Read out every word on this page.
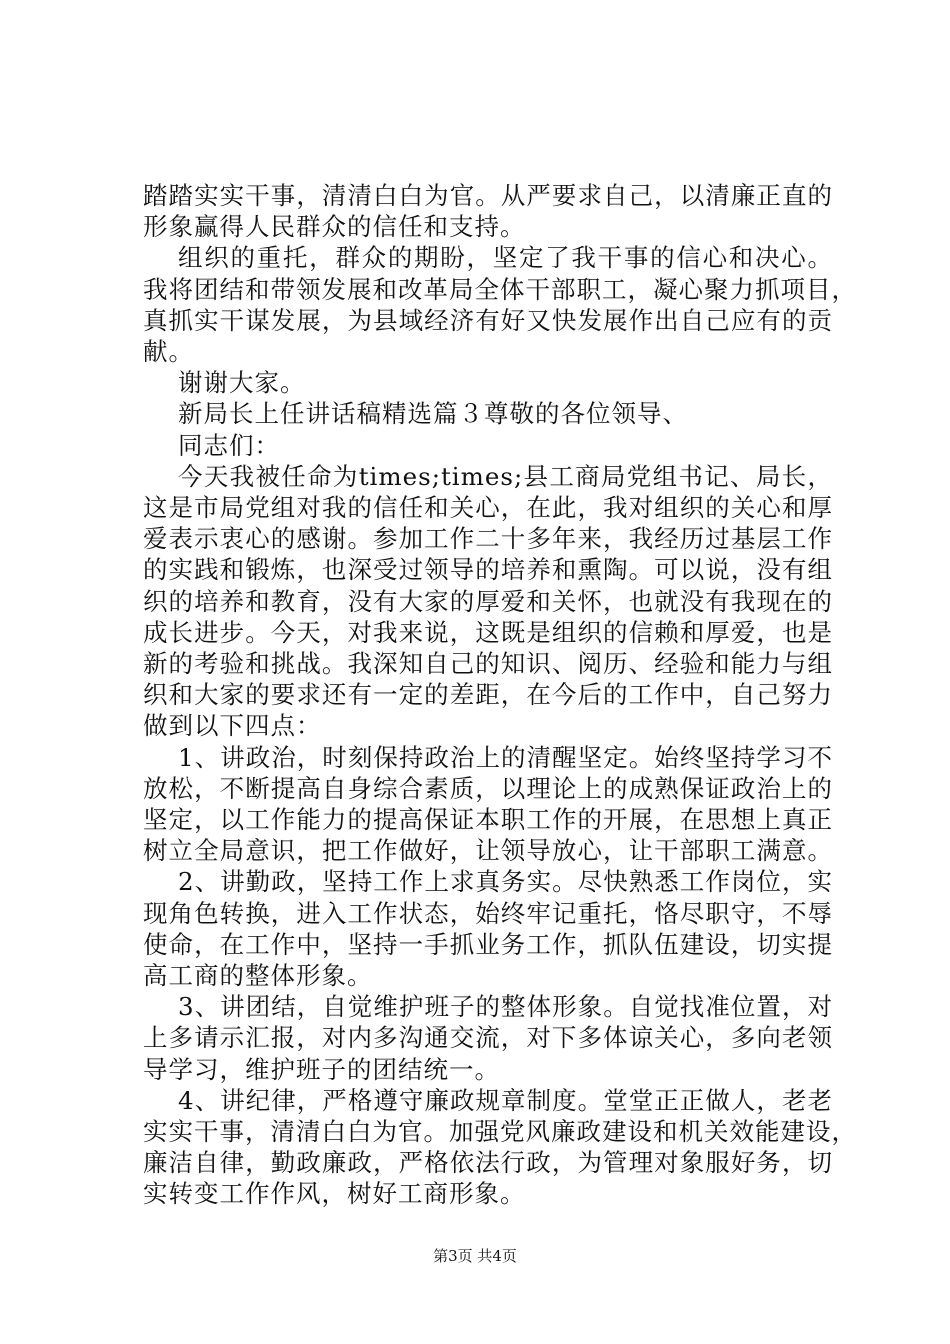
踏踏实实干事，清清白白为官。从严要求自己，以清廉正直的
形象赢得人民群众的信任和支持。
组织的重托，群众的期盼，坚定了我干事的信心和决心。
我将团结和带领发展和改革局全体干部职工，凝心聚力抓项目，
真抓实干谋发展，为县域经济有好又快发展作出自己应有的贡
献。
谢谢大家。
新局长上任讲话稿精选篇３尊敬的各位领导、
同志们：
今天我被任命为times;times;县工商局党组书记、局长，
这是市局党组对我的信任和关心，在此，我对组织的关心和厚
爱表示衷心的感谢。参加工作二十多年来，我经历过基层工作
的实践和锻炼，也深受过领导的培养和熏陶。可以说，没有组
织的培养和教育，没有大家的厚爱和关怀，也就没有我现在的
成长进步。今天，对我来说，这既是组织的信赖和厚爱，也是
新的考验和挑战。我深知自己的知识、阅历、经验和能力与组
织和大家的要求还有一定的差距，在今后的工作中，自己努力
做到以下四点：
1、讲政治，时刻保持政治上的清醒坚定。始终坚持学习不
放松，不断提高自身综合素质，以理论上的成熟保证政治上的
坚定，以工作能力的提高保证本职工作的开展，在思想上真正
树立全局意识，把工作做好，让领导放心，让干部职工满意。
2、讲勤政，坚持工作上求真务实。尽快熟悉工作岗位，实
现角色转换，进入工作状态，始终牢记重托，恪尽职守，不辱
使命，在工作中，坚持一手抓业务工作，抓队伍建设，切实提
高工商的整体形象。
3、讲团结，自觉维护班子的整体形象。自觉找准位置，对
上多请示汇报，对内多沟通交流，对下多体谅关心，多向老领
导学习，维护班子的团结统一。
4、讲纪律，严格遵守廉政规章制度。堂堂正正做人，老老
实实干事，清清白白为官。加强党风廉政建设和机关效能建设，
廉洁自律，勤政廉政，严格依法行政，为管理对象服好务，切
实转变工作作风，树好工商形象。
第3页 共4页
